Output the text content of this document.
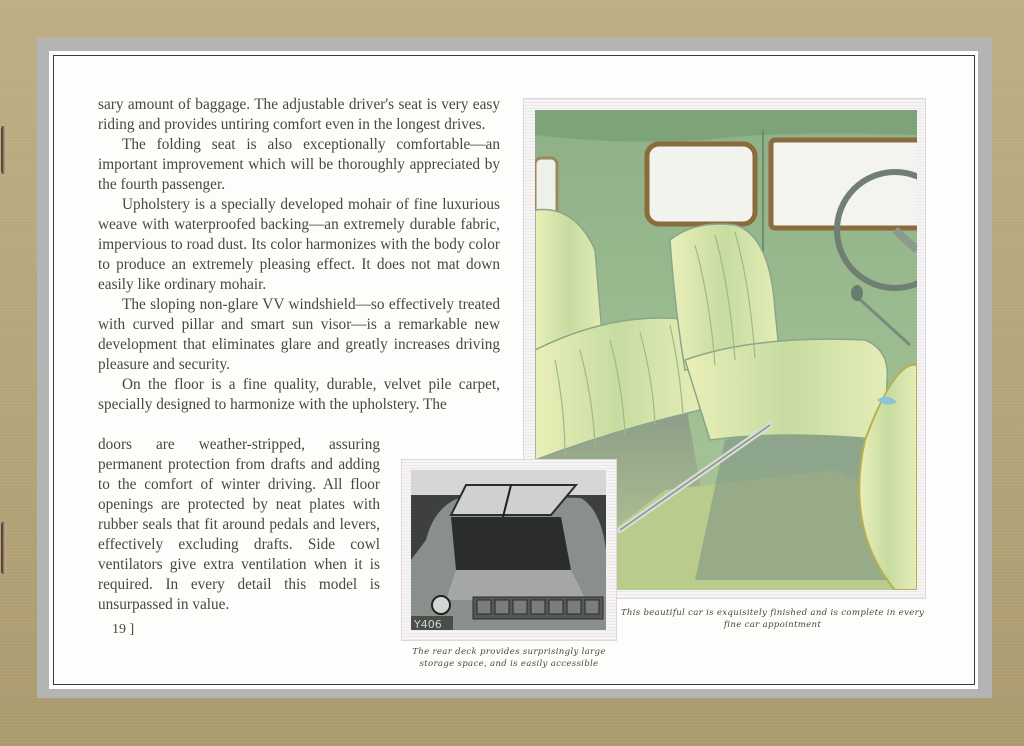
sary amount of baggage. The adjustable driver's seat is very easy riding and provides untiring comfort even in the longest drives.

The folding seat is also exceptionally comfortable—an important improvement which will be thoroughly appreciated by the fourth passenger.

Upholstery is a specially developed mohair of fine luxurious weave with waterproofed backing—an extremely durable fabric, impervious to road dust. Its color harmonizes with the body color to produce an extremely pleasing effect. It does not mat down easily like ordinary mohair.

The sloping non-glare VV windshield—so effectively treated with curved pillar and smart sun visor—is a remarkable new development that eliminates glare and greatly increases driving pleasure and security.

On the floor is a fine quality, durable, velvet pile carpet, specially designed to harmonize with the upholstery. The

doors are weather-stripped, assuring permanent protection from drafts and adding to the comfort of winter driving. All floor openings are protected by neat plates with rubber seals that fit around pedals and levers, effectively excluding drafts. Side cowl ventilators give extra ventilation when it is required. In every detail this model is unsurpassed in value.

19 ]	Y406
This beautiful car is exquisitely finished and is complete in every fine car appointment
The rear deck provides surprisingly large storage space, and is easily accessible
